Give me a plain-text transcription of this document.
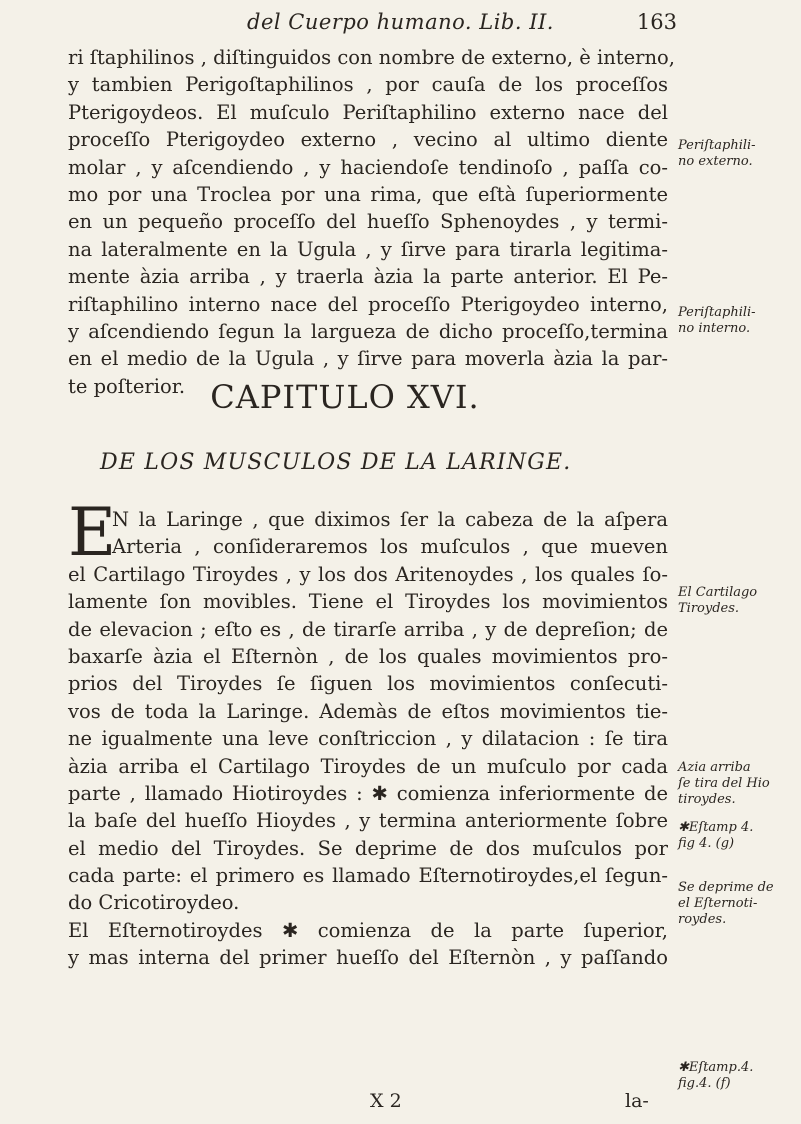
del Cuerpo humano. Lib. II.	163
ri ſtaphilinos , diſtinguidos con nombre de externo, è interno,
y tambien Perigoſtaphilinos , por cauſa de los proceſſos
Pterigoydeos. El muſculo Periſtaphilino externo nace del
proceſſo Pterigoydeo externo , vecino al ultimo diente
molar , y aſcendiendo , y haciendoſe tendinoſo , paſſa co-
mo por una Troclea por una rima, que eſtà ſuperiormente
en un pequeño proceſſo del hueſſo Sphenoydes , y termi-
na lateralmente en la Ugula , y ſirve para tirarla legitima-
mente àzia arriba , y traerla àzia la parte anterior. El Pe-
riſtaphilino interno nace del proceſſo Pterigoydeo interno,
y aſcendiendo ſegun la largueza de dicho proceſſo,termina
en el medio de la Ugula , y ſirve para moverla àzia la par-
te poſterior. CAPITULO XVI.
DE LOS MUSCULOS DE LA LARINGE.
E
N la Laringe , que diximos ſer la cabeza de la aſpera
Arteria , conſideraremos los muſculos , que mueven
el Cartilago Tiroydes , y los dos Aritenoydes , los quales ſo-
lamente ſon movibles. Tiene el Tiroydes los movimientos
de elevacion ; eſto es , de tirarſe arriba , y de depreſion; de
baxarſe àzia el Eſternòn , de los quales movimientos pro-
prios del Tiroydes ſe ſiguen los movimientos conſecuti-
vos de toda la Laringe. Ademàs de eſtos movimientos tie-
ne igualmente una leve conſtriccion , y dilatacion : ſe tira
àzia arriba el Cartilago Tiroydes de un muſculo por cada
parte , llamado Hiotiroydes : ✱ comienza inferiormente de
la baſe del hueſſo Hioydes , y termina anteriormente ſobre
el medio del Tiroydes. Se deprime de dos muſculos por
cada parte: el primero es llamado Eſternotiroydes,el ſegun-
do Cricotiroydeo.
El Eſternotiroydes ✱ comienza de la parte ſuperior,
y mas interna del primer hueſſo del Eſternòn , y paſſando
Periſtaphili-
no externo.
Periſtaphili-
no interno.
El Cartilago
Tiroydes.
Azia arriba
ſe tira del Hio
tiroydes.
✱Eſtamp 4.
fig 4. (g)
Se deprime de
el Eſternoti-
roydes.
✱Eſtamp.4.
fig.4. (f)
X 2	la-
